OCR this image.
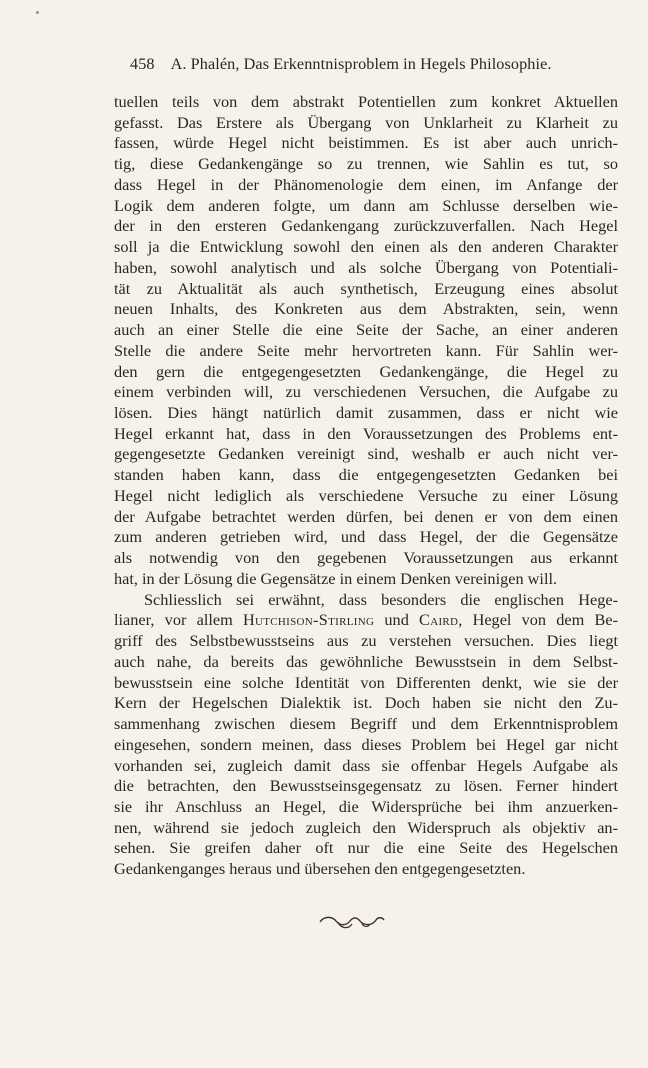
458 A. Phalén, Das Erkenntnisproblem in Hegels Philosophie.
tuellen teils von dem abstrakt Potentiellen zum konkret Aktuellen
gefasst. Das Erstere als Übergang von Unklarheit zu Klarheit zu
fassen, würde Hegel nicht beistimmen. Es ist aber auch unrich-
tig, diese Gedankengänge so zu trennen, wie Sahlin es tut, so
dass Hegel in der Phänomenologie dem einen, im Anfange der
Logik dem anderen folgte, um dann am Schlusse derselben wie-
der in den ersteren Gedankengang zurückzuverfallen. Nach Hegel
soll ja die Entwicklung sowohl den einen als den anderen Charakter
haben, sowohl analytisch und als solche Übergang von Potentiali-
tät zu Aktualität als auch synthetisch, Erzeugung eines absolut
neuen Inhalts, des Konkreten aus dem Abstrakten, sein, wenn
auch an einer Stelle die eine Seite der Sache, an einer anderen
Stelle die andere Seite mehr hervortreten kann. Für Sahlin wer-
den gern die entgegengesetzten Gedankengänge, die Hegel zu
einem verbinden will, zu verschiedenen Versuchen, die Aufgabe zu
lösen. Dies hängt natürlich damit zusammen, dass er nicht wie
Hegel erkannt hat, dass in den Voraussetzungen des Problems ent-
gegengesetzte Gedanken vereinigt sind, weshalb er auch nicht ver-
standen haben kann, dass die entgegengesetzten Gedanken bei
Hegel nicht lediglich als verschiedene Versuche zu einer Lösung
der Aufgabe betrachtet werden dürfen, bei denen er von dem einen
zum anderen getrieben wird, und dass Hegel, der die Gegensätze
als notwendig von den gegebenen Voraussetzungen aus erkannt
hat, in der Lösung die Gegensätze in einem Denken vereinigen will.
Schliesslich sei erwähnt, dass besonders die englischen Hege-
lianer, vor allem Hutchison-Stirling und Caird, Hegel von dem Be-
griff des Selbstbewusstseins aus zu verstehen versuchen. Dies liegt
auch nahe, da bereits das gewöhnliche Bewusstsein in dem Selbst-
bewusstsein eine solche Identität von Differenten denkt, wie sie der
Kern der Hegelschen Dialektik ist. Doch haben sie nicht den Zu-
sammenhang zwischen diesem Begriff und dem Erkenntnisproblem
eingesehen, sondern meinen, dass dieses Problem bei Hegel gar nicht
vorhanden sei, zugleich damit dass sie offenbar Hegels Aufgabe als
die betrachten, den Bewusstseinsgegensatz zu lösen. Ferner hindert
sie ihr Anschluss an Hegel, die Widersprüche bei ihm anzuerken-
nen, während sie jedoch zugleich den Widerspruch als objektiv an-
sehen. Sie greifen daher oft nur die eine Seite des Hegelschen
Gedankenganges heraus und übersehen den entgegengesetzten.
